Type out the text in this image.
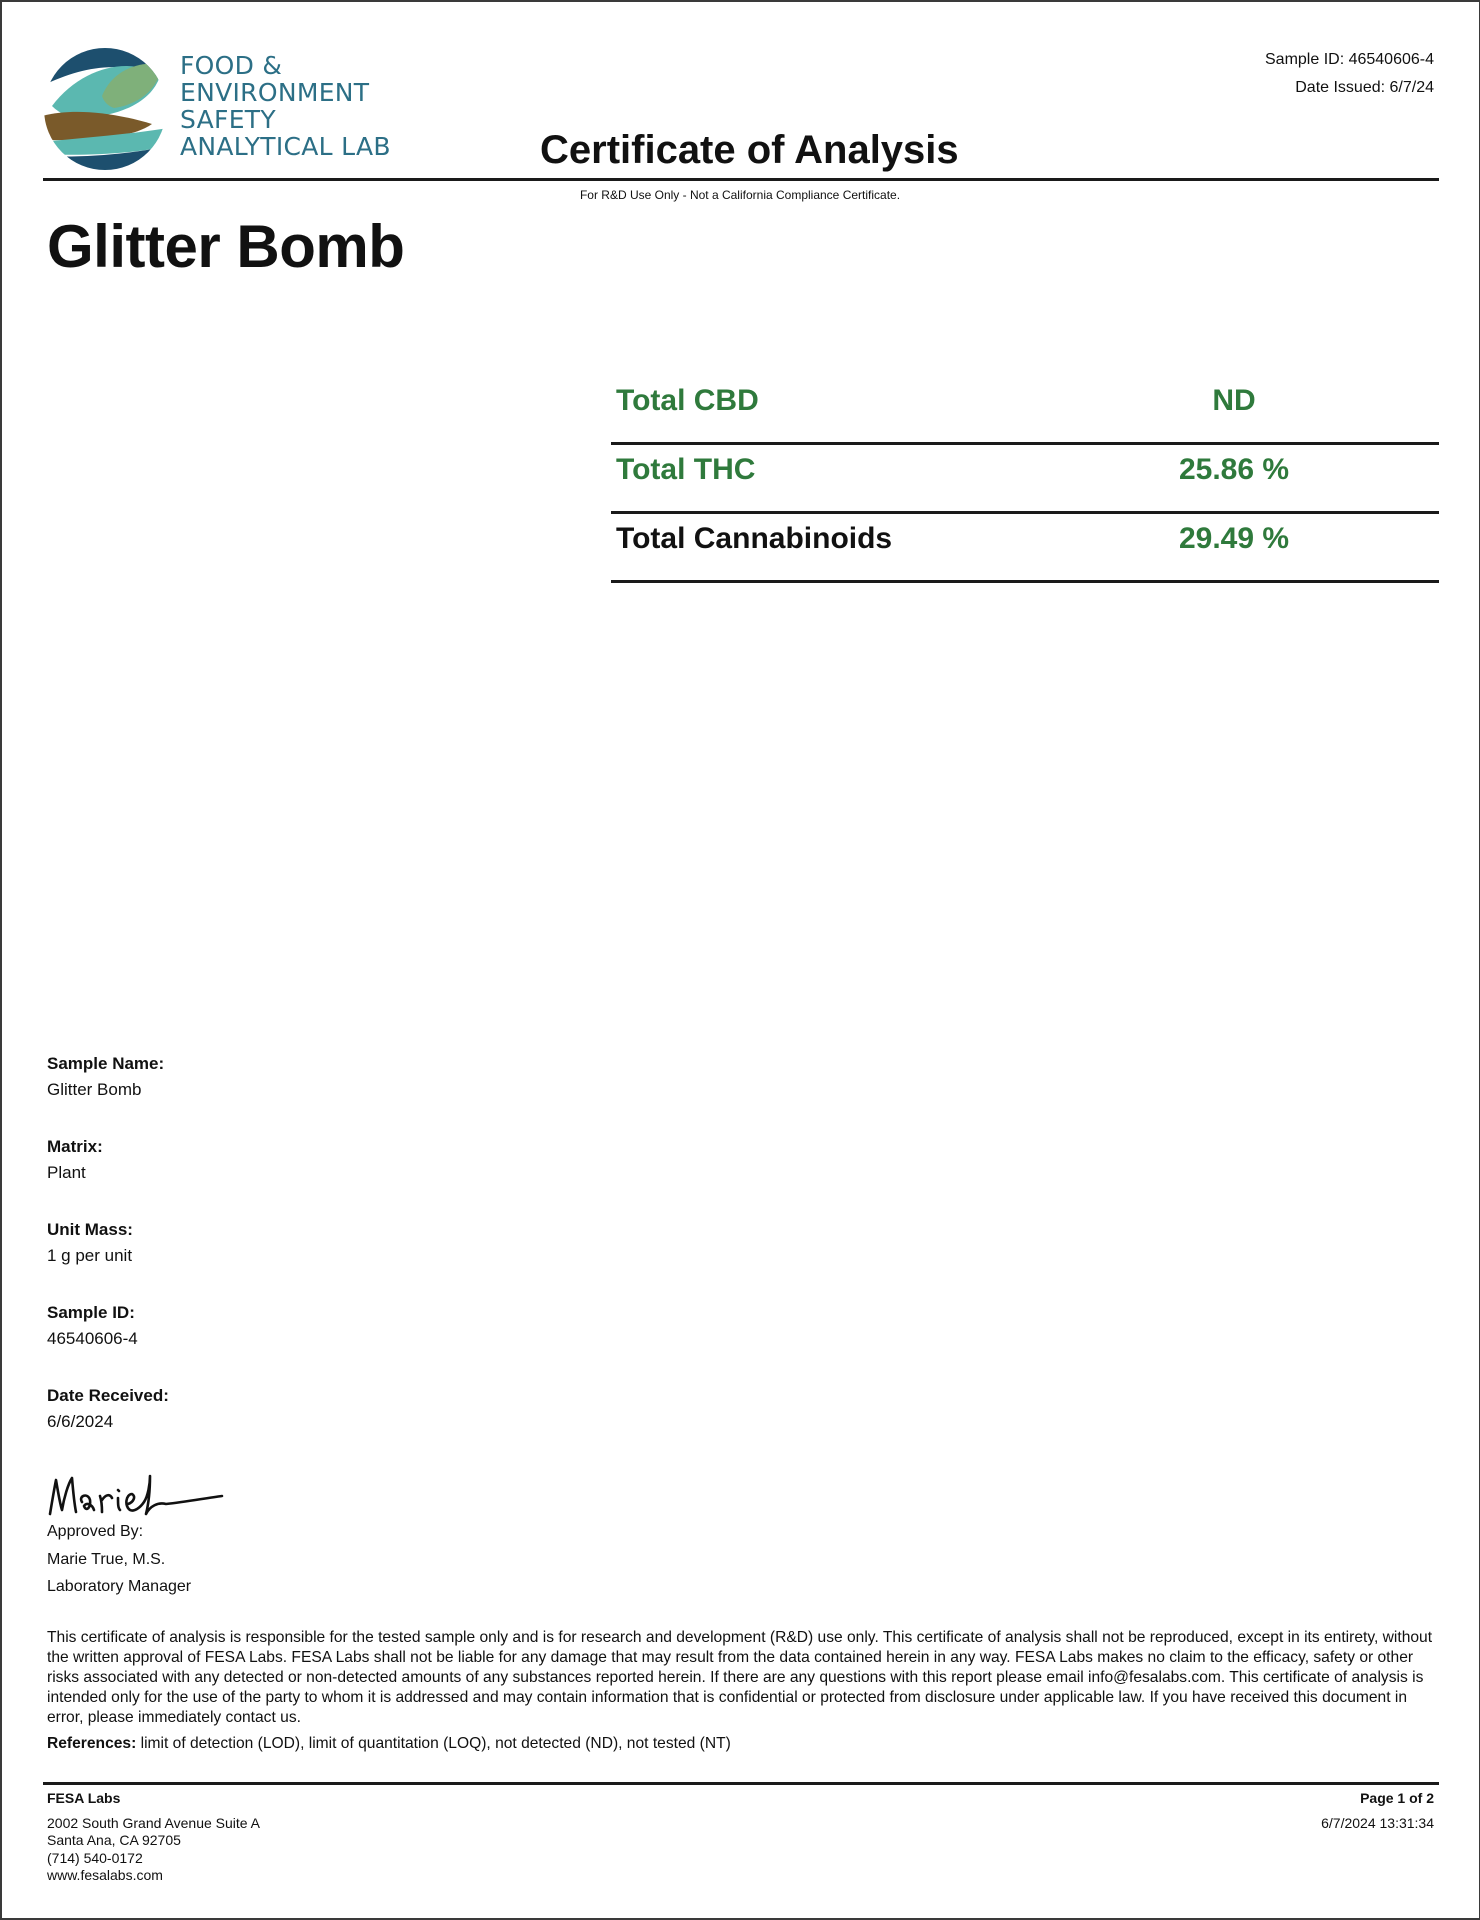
FOOD &
ENVIRONMENT
SAFETY
ANALYTICAL LAB
Sample ID: 46540606-4
Date Issued: 6/7/24
Certificate of Analysis
For R&D Use Only - Not a California Compliance Certificate.
Glitter Bomb
Total CBD	ND
Total THC	25.86 %
Total Cannabinoids	29.49 %
Sample Name:
Glitter Bomb
Matrix:
Plant
Unit Mass:
1 g per unit
Sample ID:
46540606-4
Date Received:
6/6/2024
Approved By:
Marie True, M.S.
Laboratory Manager
This certificate of analysis is responsible for the tested sample only and is for research and development (R&D) use only. This certificate of analysis shall not be reproduced, except in its entirety, without the written approval of FESA Labs. FESA Labs shall not be liable for any damage that may result from the data contained herein in any way. FESA Labs makes no claim to the efficacy, safety or other risks associated with any detected or non-detected amounts of any substances reported herein. If there are any questions with this report please email info@fesalabs.com. This certificate of analysis is intended only for the use of the party to whom it is addressed and may contain information that is confidential or protected from disclosure under applicable law. If you have received this document in error, please immediately contact us.
References: limit of detection (LOD), limit of quantitation (LOQ), not detected (ND), not tested (NT)
FESA Labs
2002 South Grand Avenue Suite A
Santa Ana, CA 92705
(714) 540-0172
www.fesalabs.com
Page 1 of 2
6/7/2024 13:31:34
